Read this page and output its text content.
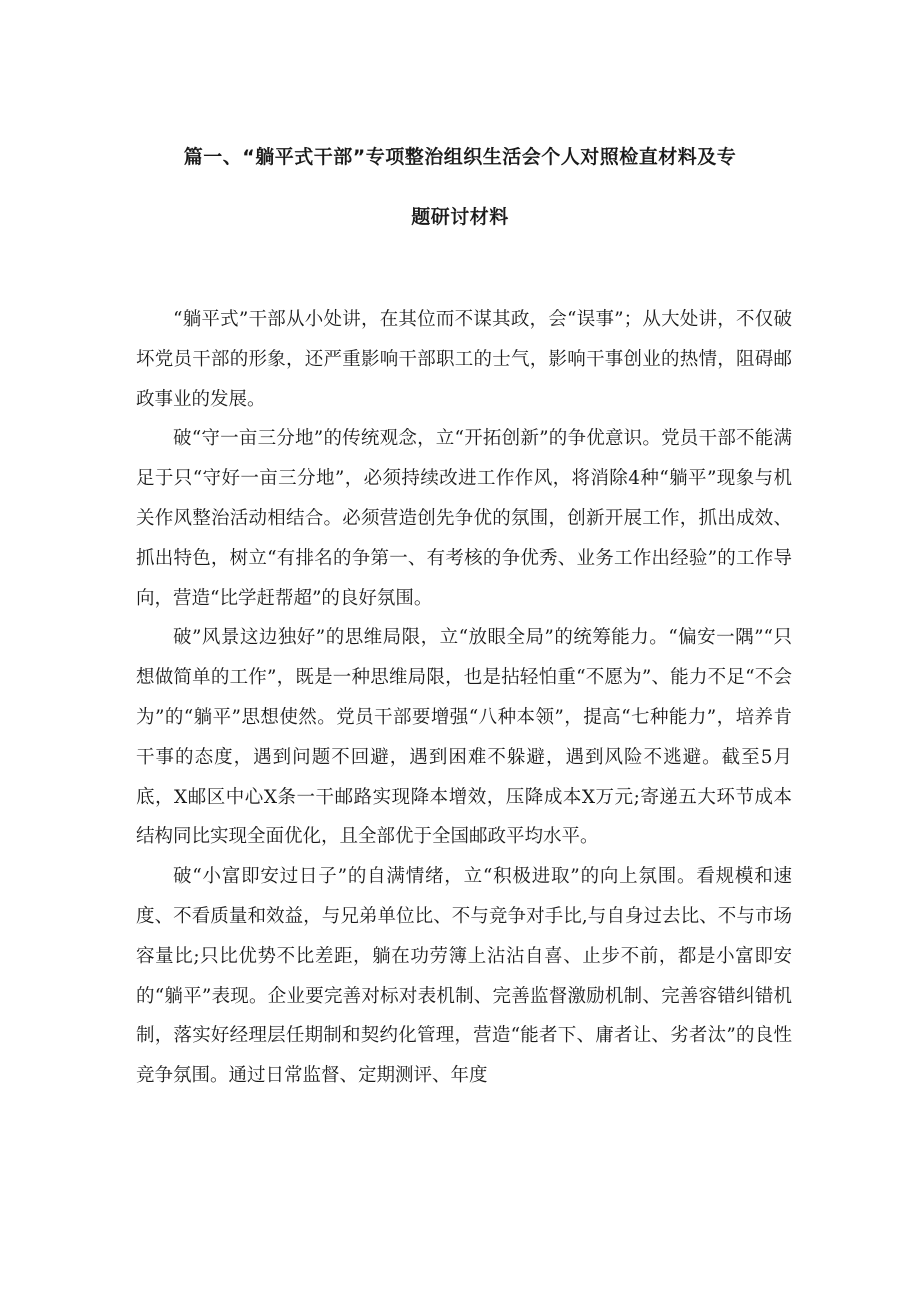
篇一、“躺平式干部”专项整治组织生活会个人对照检直材料及专
题研讨材料

“躺平式”干部从小处讲，在其位而不谋其政，会“误事”；从大处讲，不仅破坏党员干部的形象，还严重影响干部职工的士气，影响干事创业的热情，阻碍邮政事业的发展。

破“守一亩三分地”的传统观念，立“开拓创新”的争优意识。党员干部不能满足于只“守好一亩三分地”，必须持续改进工作作风，将消除4种“躺平”现象与机关作风整治活动相结合。必须营造创先争优的氛围，创新开展工作，抓出成效、抓出特色，树立“有排名的争第一、有考核的争优秀、业务工作出经验”的工作导向，营造“比学赶帮超”的良好氛围。

破”风景这边独好”的思维局限，立“放眼全局”的统筹能力。“偏安一隅”“只想做简单的工作”，既是一种思维局限，也是拈轻怕重“不愿为”、能力不足“不会为”的“躺平”思想使然。党员干部要增强“八种本领”，提高“七种能力”，培养肯干事的态度，遇到问题不回避，遇到困难不躲避，遇到风险不逃避。截至5月底，X邮区中心X条一干邮路实现降本增效，压降成本X万元;寄递五大环节成本结构同比实现全面优化，且全部优于全国邮政平均水平。

破“小富即安过日子”的自满情绪，立“积极进取”的向上氛围。看规模和速度、不看质量和效益，与兄弟单位比、不与竞争对手比,与自身过去比、不与市场容量比;只比优势不比差距，躺在功劳簿上沾沾自喜、止步不前，都是小富即安的“躺平”表现。企业要完善对标对表机制、完善监督激励机制、完善容错纠错机制，落实好经理层任期制和契约化管理，营造“能者下、庸者让、劣者汰”的良性竞争氛围。通过日常监督、定期测评、年度
